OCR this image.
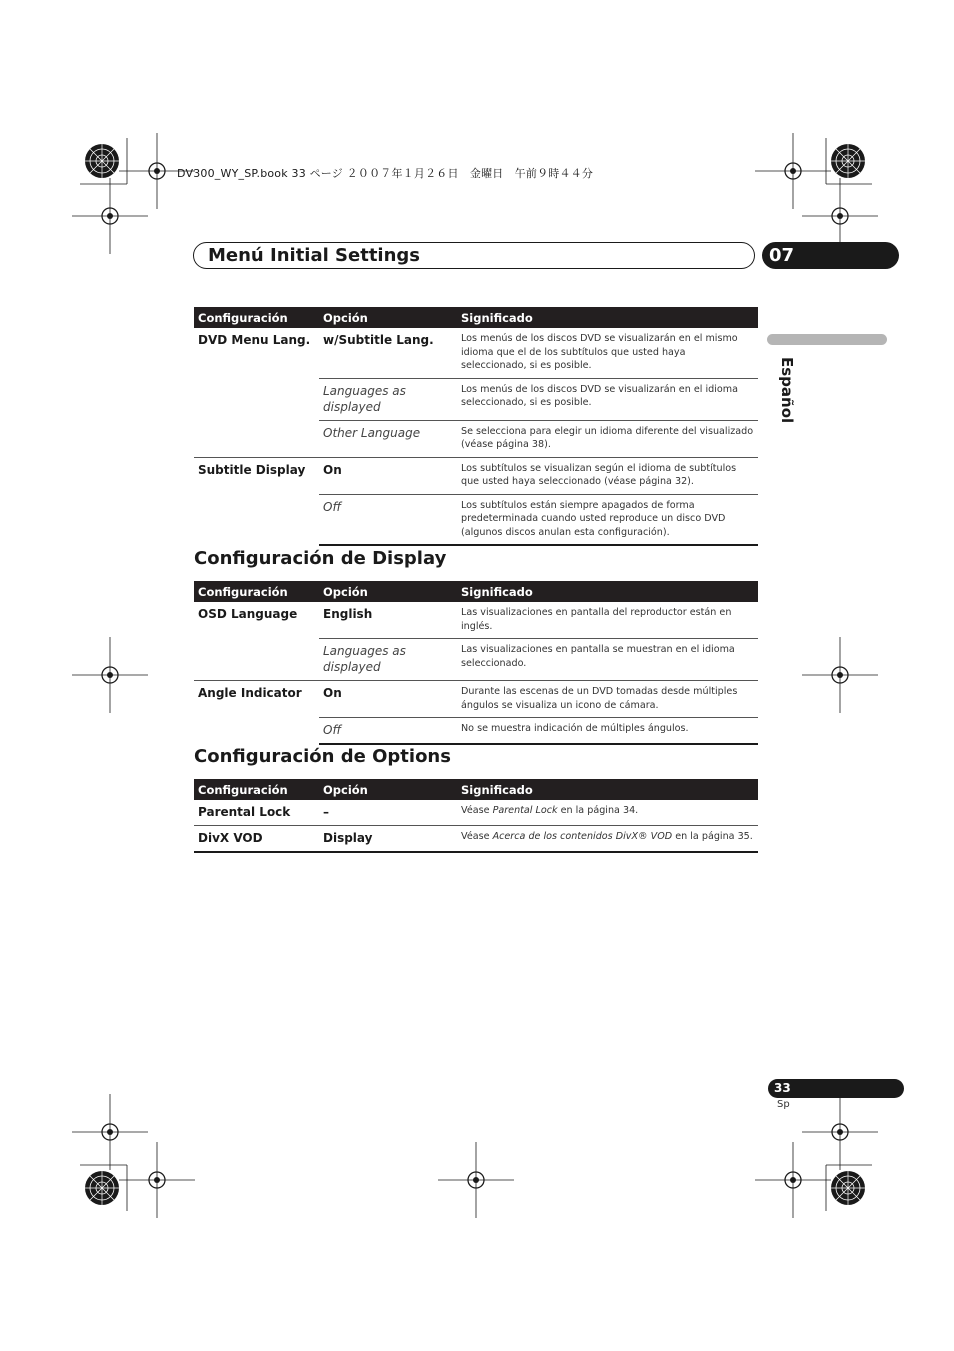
DV300_WY_SP.book 33 ページ ２００７年１月２６日　金曜日　午前９時４４分
Menú Initial Settings	07
Español
Configuración	Opción	Significado
DVD Menu Lang.	w/Subtitle Lang.	Los menús de los discos DVD se visualizarán en el mismo idioma que el de los subtítulos que usted haya seleccionado, si es posible.
	Languages as displayed	Los menús de los discos DVD se visualizarán en el idioma seleccionado, si es posible.
	Other Language	Se selecciona para elegir un idioma diferente del visualizado (véase página 38).
Subtitle Display	On	Los subtítulos se visualizan según el idioma de subtítulos que usted haya seleccionado (véase página 32).
	Off	Los subtítulos están siempre apagados de forma predeterminada cuando usted reproduce un disco DVD (algunos discos anulan esta configuración).
Configuración de Display
Configuración	Opción	Significado
OSD Language	English	Las visualizaciones en pantalla del reproductor están en inglés.
	Languages as displayed	Las visualizaciones en pantalla se muestran en el idioma seleccionado.
Angle Indicator	On	Durante las escenas de un DVD tomadas desde múltiples ángulos se visualiza un icono de cámara.
	Off	No se muestra indicación de múltiples ángulos.
Configuración de Options
Configuración	Opción	Significado
Parental Lock	–	Véase Parental Lock en la página 34.
DivX VOD	Display	Véase Acerca de los contenidos DivX® VOD en la página 35.
33
Sp
